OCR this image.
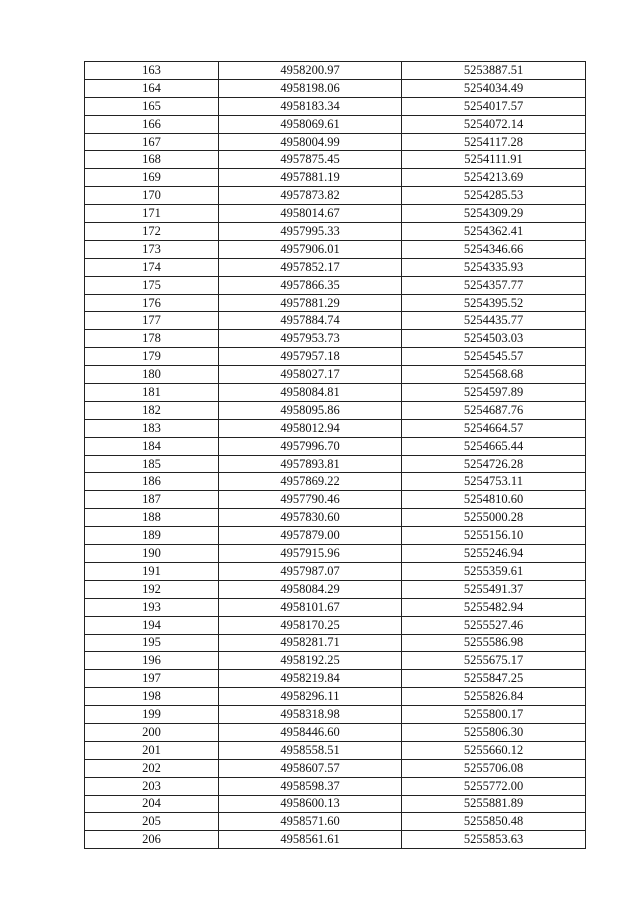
163	4958200.97	5253887.51
164	4958198.06	5254034.49
165	4958183.34	5254017.57
166	4958069.61	5254072.14
167	4958004.99	5254117.28
168	4957875.45	5254111.91
169	4957881.19	5254213.69
170	4957873.82	5254285.53
171	4958014.67	5254309.29
172	4957995.33	5254362.41
173	4957906.01	5254346.66
174	4957852.17	5254335.93
175	4957866.35	5254357.77
176	4957881.29	5254395.52
177	4957884.74	5254435.77
178	4957953.73	5254503.03
179	4957957.18	5254545.57
180	4958027.17	5254568.68
181	4958084.81	5254597.89
182	4958095.86	5254687.76
183	4958012.94	5254664.57
184	4957996.70	5254665.44
185	4957893.81	5254726.28
186	4957869.22	5254753.11
187	4957790.46	5254810.60
188	4957830.60	5255000.28
189	4957879.00	5255156.10
190	4957915.96	5255246.94
191	4957987.07	5255359.61
192	4958084.29	5255491.37
193	4958101.67	5255482.94
194	4958170.25	5255527.46
195	4958281.71	5255586.98
196	4958192.25	5255675.17
197	4958219.84	5255847.25
198	4958296.11	5255826.84
199	4958318.98	5255800.17
200	4958446.60	5255806.30
201	4958558.51	5255660.12
202	4958607.57	5255706.08
203	4958598.37	5255772.00
204	4958600.13	5255881.89
205	4958571.60	5255850.48
206	4958561.61	5255853.63
